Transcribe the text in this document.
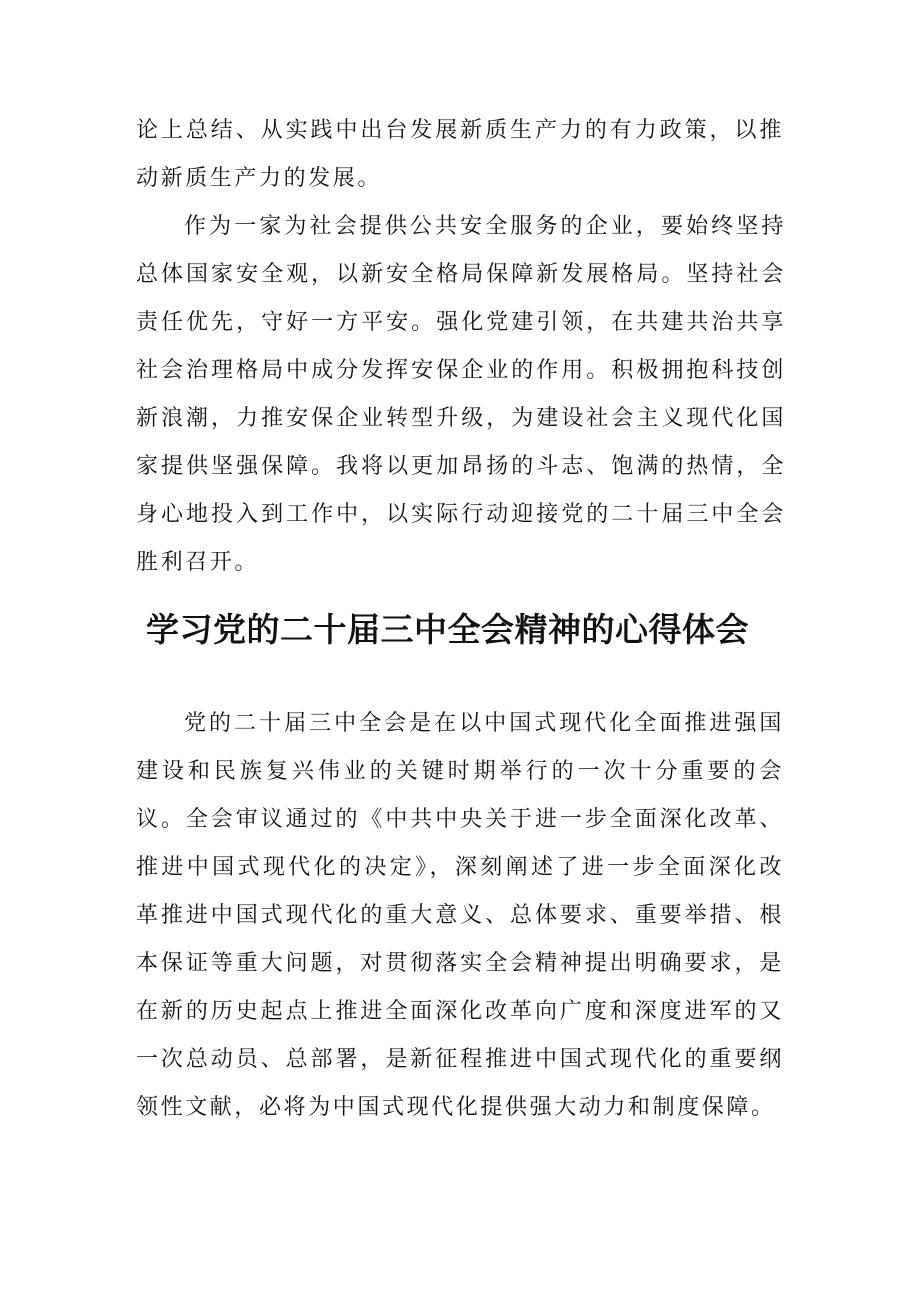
论上总结、从实践中出台发展新质生产力的有力政策，以推动新质生产力的发展。

作为一家为社会提供公共安全服务的企业，要始终坚持总体国家安全观，以新安全格局保障新发展格局。坚持社会责任优先，守好一方平安。强化党建引领，在共建共治共享社会治理格局中成分发挥安保企业的作用。积极拥抱科技创新浪潮，力推安保企业转型升级，为建设社会主义现代化国家提供坚强保障。我将以更加昂扬的斗志、饱满的热情，全身心地投入到工作中，以实际行动迎接党的二十届三中全会胜利召开。

学习党的二十届三中全会精神的心得体会

党的二十届三中全会是在以中国式现代化全面推进强国建设和民族复兴伟业的关键时期举行的一次十分重要的会议。全会审议通过的《中共中央关于进一步全面深化改革、推进中国式现代化的决定》，深刻阐述了进一步全面深化改革推进中国式现代化的重大意义、总体要求、重要举措、根本保证等重大问题，对贯彻落实全会精神提出明确要求，是在新的历史起点上推进全面深化改革向广度和深度进军的又一次总动员、总部署，是新征程推进中国式现代化的重要纲领性文献，必将为中国式现代化提供强大动力和制度保障。
